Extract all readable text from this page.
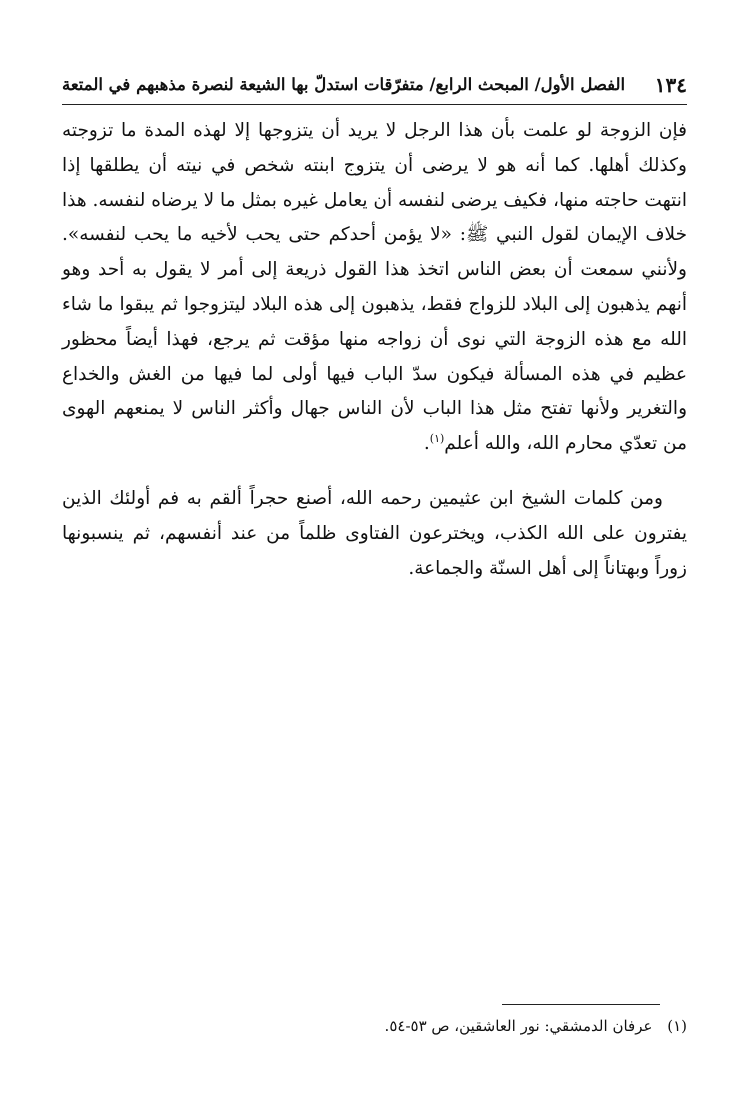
١٣٤
الفصل الأول/ المبحث الرابع/ متفرّقات استدلّ بها الشيعة لنصرة مذهبهم في المتعة

فإن الزوجة لو علمت بأن هذا الرجل لا يريد أن يتزوجها إلا لهذه المدة ما تزوجته وكذلك أهلها. كما أنه هو لا يرضى أن يتزوج ابنته شخص في نيته أن يطلقها إذا انتهت حاجته منها، فكيف يرضى لنفسه أن يعامل غيره بمثل ما لا يرضاه لنفسه. هذا خلاف الإيمان لقول النبي ﷺ: «لا يؤمن أحدكم حتى يحب لأخيه ما يحب لنفسه». ولأنني سمعت أن بعض الناس اتخذ هذا القول ذريعة إلى أمر لا يقول به أحد وهو أنهم يذهبون إلى البلاد للزواج فقط، يذهبون إلى هذه البلاد ليتزوجوا ثم يبقوا ما شاء الله مع هذه الزوجة التي نوى أن زواجه منها مؤقت ثم يرجع، فهذا أيضاً محظور عظيم في هذه المسألة فيكون سدّ الباب فيها أولى لما فيها من الغش والخداع والتغرير ولأنها تفتح مثل هذا الباب لأن الناس جهال وأكثر الناس لا يمنعهم الهوى من تعدّي محارم الله، والله أعلم$^{(١)}$.

ومن كلمات الشيخ ابن عثيمين رحمه الله، أصنع حجراً ألقم به فم أولئك الذين يفترون على الله الكذب، ويخترعون الفتاوى ظلماً من عند أنفسهم، ثم ينسبونها زوراً وبهتاناً إلى أهل السنّة والجماعة.

(١) عرفان الدمشقي: نور العاشقين، ص ٥٣-٥٤.
